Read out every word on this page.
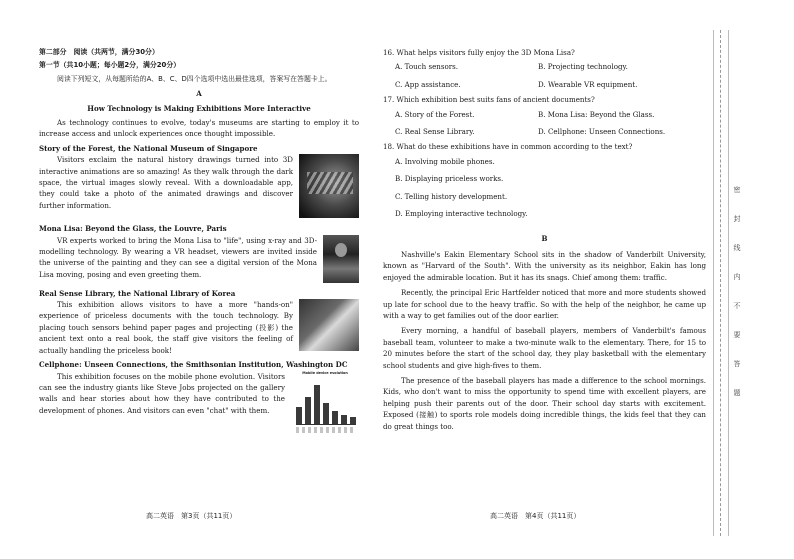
第二部分　阅读（共两节，满分30分）

第一节（共10小题；每小题2分，满分20分）

阅读下列短文，从每题所给的A、B、C、D四个选项中选出最佳选项，答案写在答题卡上。

A

How Technology is Making Exhibitions More Interactive

As technology continues to evolve, today's museums are starting to employ it to increase access and unlock experiences once thought impossible.

Story of the Forest, the National Museum of Singapore

Visitors exclaim the natural history drawings turned into 3D interactive animations are so amazing! As they walk through the dark space, the virtual images slowly reveal. With a downloadable app, they could take a photo of the animated drawings and discover further information.

Mona Lisa: Beyond the Glass, the Louvre, Paris

VR experts worked to bring the Mona Lisa to "life", using x-ray and 3D-modelling technology. By wearing a VR headset, viewers are invited inside the universe of the painting and they can see a digital version of the Mona Lisa moving, posing and even greeting them.

Real Sense Library, the National Library of Korea

This exhibition allows visitors to have a more "hands-on" experience of priceless documents with the touch technology. By placing touch sensors behind paper pages and projecting (投影) the ancient text onto a real book, the staff give visitors the feeling of actually handling the priceless book!

Cellphone: Unseen Connections, the Smithsonian Institution, Washington DC

Mobile device evolution

This exhibition focuses on the mobile phone evolution. Visitors can see the industry giants like Steve Jobs projected on the gallery walls and hear stories about how they have contributed to the development of phones. And visitors can even "chat" with them.

高二英语　第3页（共11页）

16. What helps visitors fully enjoy the 3D Mona Lisa?

A. Touch sensors.	B. Projecting technology.
C. App assistance.	D. Wearable VR equipment.

17. Which exhibition best suits fans of ancient documents?

A. Story of the Forest.	B. Mona Lisa: Beyond the Glass.
C. Real Sense Library.	D. Cellphone: Unseen Connections.

18. What do these exhibitions have in common according to the text?

A. Involving mobile phones.
B. Displaying priceless works.
C. Telling history development.
D. Employing interactive technology.

B

Nashville's Eakin Elementary School sits in the shadow of Vanderbilt University, known as "Harvard of the South". With the university as its neighbor, Eakin has long enjoyed the admirable location. But it has its snags. Chief among them: traffic.

Recently, the principal Eric Hartfelder noticed that more and more students showed up late for school due to the heavy traffic. So with the help of the neighbor, he came up with a way to get families out of the door earlier.

Every morning, a handful of baseball players, members of Vanderbilt's famous baseball team, volunteer to make a two-minute walk to the elementary. There, for 15 to 20 minutes before the start of the school day, they play basketball with the elementary school students and give high-fives to them.

The presence of the baseball players has made a difference to the school mornings. Kids, who don't want to miss the opportunity to spend time with excellent players, are helping push their parents out of the door. Their school day starts with excitement. Exposed (接触) to sports role models doing incredible things, the kids feel that they can do great things too.

高二英语　第4页（共11页）
密
封
线
内
不
要
答
题
